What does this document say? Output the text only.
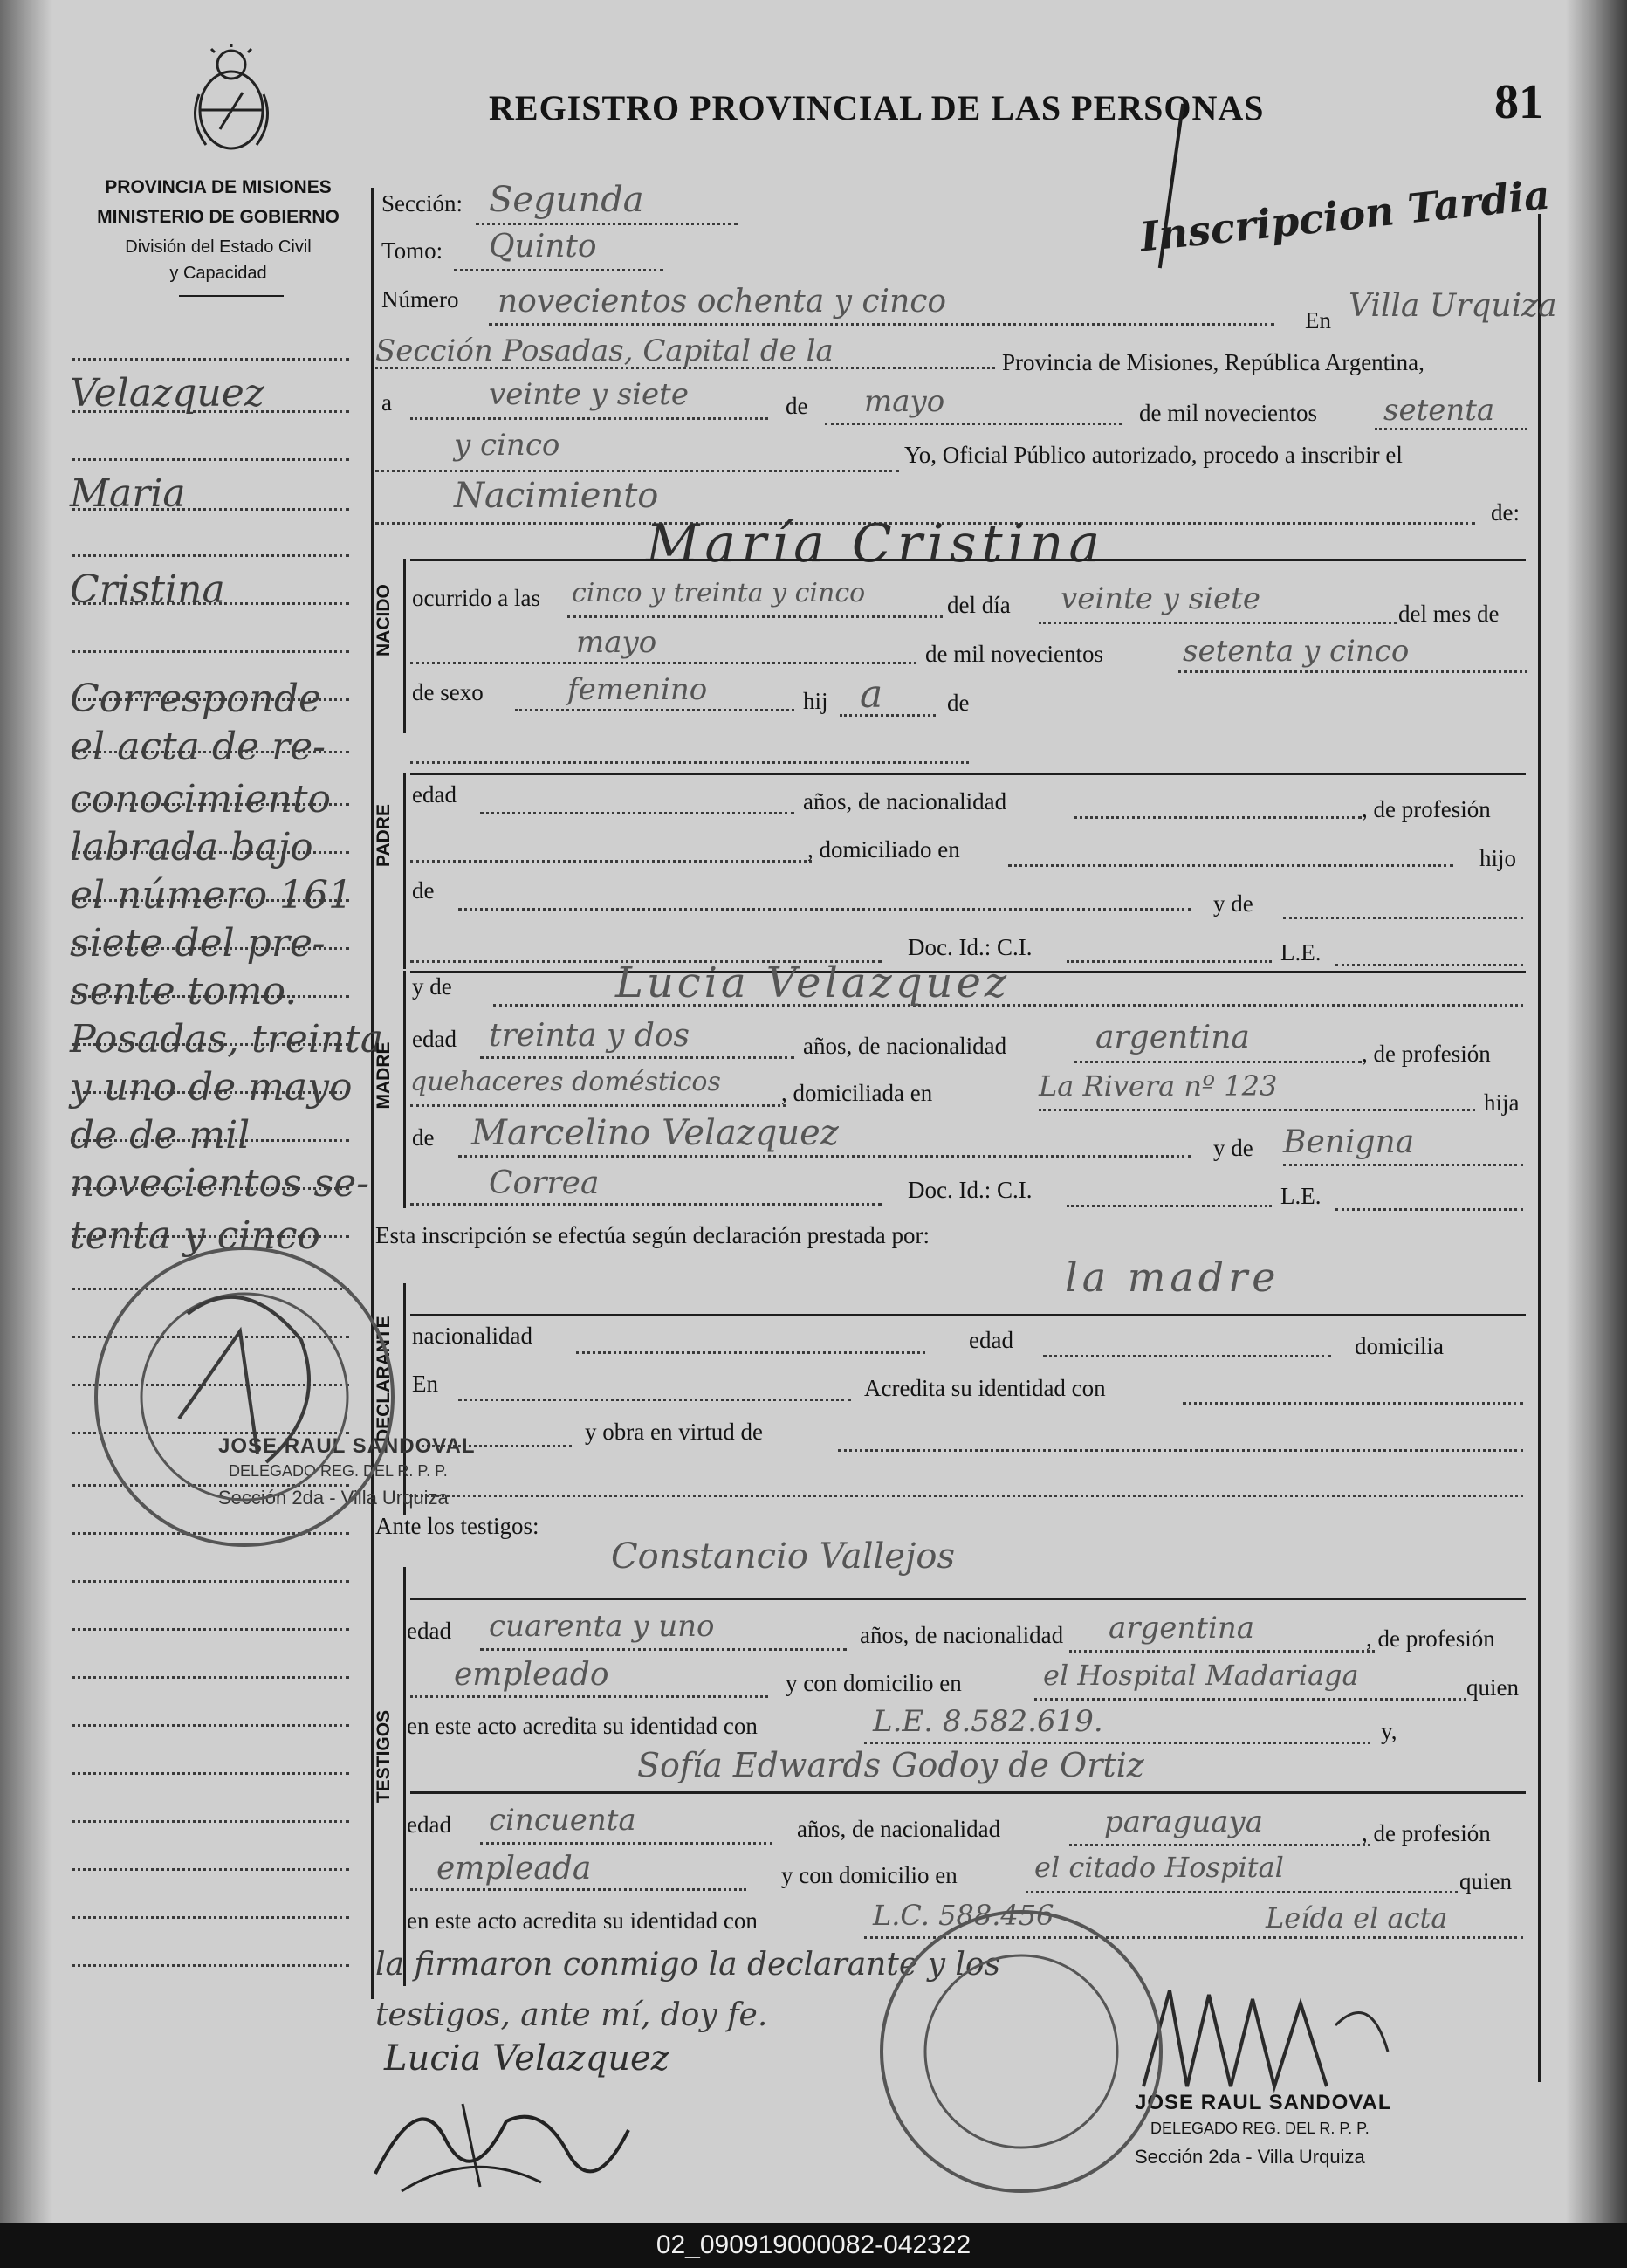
PROVINCIA DE MISIONES
MINISTERIO DE GOBIERNO
División del Estado Civil
y Capacidad
REGISTRO PROVINCIAL DE LAS PERSONAS	81
Inscripcion Tardia
Velazquez
Maria
Cristina
Corresponde
el acta de re-
conocimiento
labrada bajo
el número 161
siete del pre-
sente tomo.
Posadas, treinta
y uno de mayo
de de mil
novecientos se-
tenta y cinco
Sección: Segunda
Tomo: Quinto
Número novecientos ochenta y cinco
En Villa Urquiza
Sección Posadas, Capital de la	Provincia de Misiones, República Argentina,
a	veinte y siete	de mayo	de mil novecientos setenta
y cinco	Yo, Oficial Público autorizado, procedo a inscribir el
Nacimiento	de:
María Cristina
NACIDO ocurrido a las cinco y treinta y cinco	del día veinte y siete	del mes de
mayo	de mil novecientos	setenta y cinco
de sexo	femenino	hij a	de
PADRE
edad	años, de nacionalidad	, de profesión
, domiciliado en	hijo
de	y de
Doc. Id.: C.I.	L.E.
MADRE
y de	Lucia Velazquez
edad treinta y dos	años, de nacionalidad	argentina	, de profesión
quehaceres domésticos	, domiciliada en	La Rivera nº 123	hija
de Marcelino Velazquez	y de Benigna
Correa	Doc. Id.: C.I.	L.E.
Esta inscripción se efectúa según declaración prestada por:
la madre
DECLARANTE nacionalidad	edad	domicilia
En	Acredita su identidad con
y obra en virtud de
Ante los testigos:
Constancio Vallejos
TESTIGOS
edad cuarenta y uno	años, de nacionalidad argentina	, de profesión
empleado	y con domicilio en	el Hospital Madariaga	quien
en este acto acredita su identidad con	L.E. 8.582.619.	y,
Sofía Edwards Godoy de Ortiz
edad cincuenta	años, de nacionalidad	paraguaya	, de profesión
empleada	y con domicilio en	el citado Hospital	quien
en este acto acredita su identidad con	L.C. 588.456	Leída el acta
la firmaron conmigo la declarante y los
testigos, ante mí, doy fe.
Lucia Velazquez
JOSE RAUL SANDOVAL
DELEGADO REG. DEL R. P. P.
Sección 2da - Villa Urquiza
JOSE RAUL SANDOVAL
DELEGADO REG. DEL R. P. P.
Sección 2da - Villa Urquiza
02_090919000082-042322
